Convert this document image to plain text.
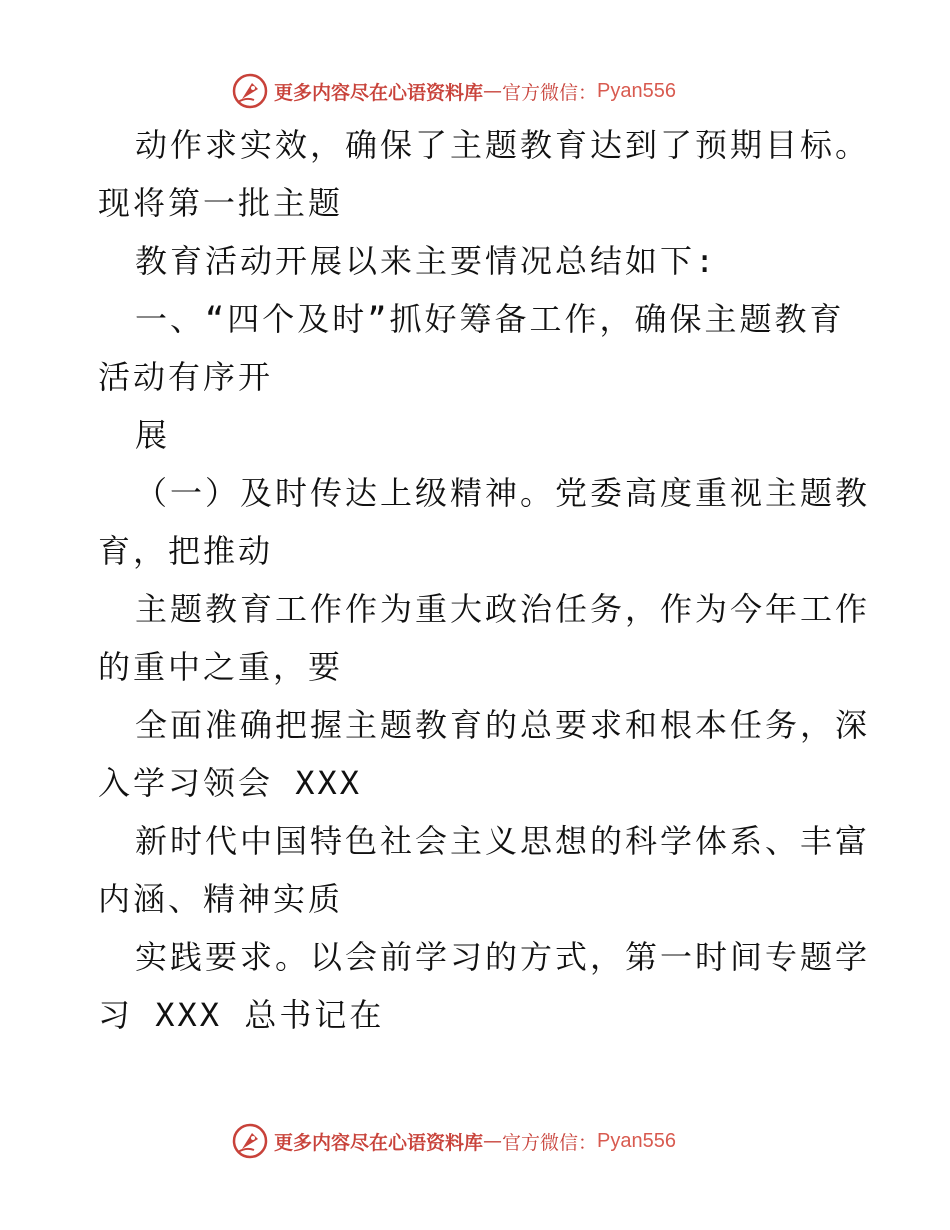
更多内容尽在心语资料库 — 官方微信： Pyan556
动作求实效，确保了主题教育达到了预期目标。
现将第一批主题
教育活动开展以来主要情况总结如下:
一、“四个及时”抓好筹备工作，确保主题教育
活动有序开
展
（一）及时传达上级精神。党委高度重视主题教
育，把推动
主题教育工作作为重大政治任务，作为今年工作
的重中之重，要
全面准确把握主题教育的总要求和根本任务，深
入学习领会 XXX
新时代中国特色社会主义思想的科学体系、丰富
内涵、精神实质
实践要求。以会前学习的方式，第一时间专题学
习 XXX 总书记在
更多内容尽在心语资料库 — 官方微信： Pyan556
